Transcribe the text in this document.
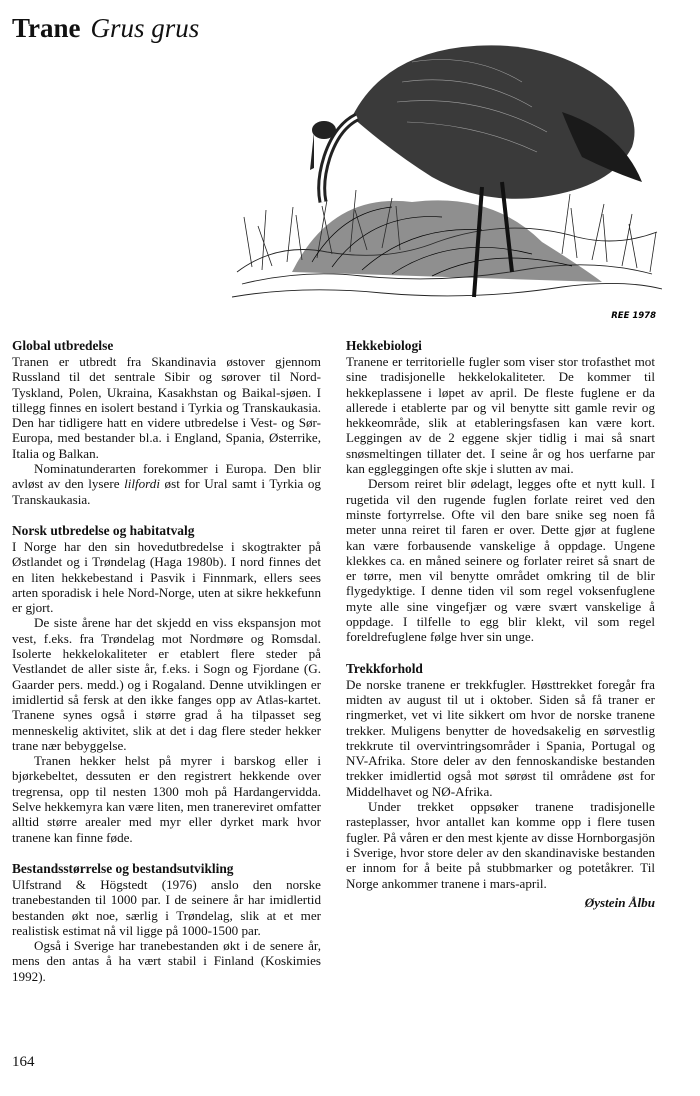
Trane Grus grus
REE 1978
Global utbredelse

Tranen er utbredt fra Skandinavia østover gjennom Russland til det sentrale Sibir og sørover til Nord-Tyskland, Polen, Ukraina, Kasakhstan og Baikal-sjøen. I tillegg finnes en isolert bestand i Tyrkia og Transkaukasia. Den har tidligere hatt en videre utbredelse i Vest- og Sør-Europa, med bestander bl.a. i England, Spania, Østerrike, Italia og Balkan.

Nominatunderarten forekommer i Europa. Den blir avløst av den lysere lilfordi øst for Ural samt i Tyrkia og Transkaukasia.

Norsk utbredelse og habitatvalg

I Norge har den sin hovedutbredelse i skogtrakter på Østlandet og i Trøndelag (Haga 1980b). I nord finnes det en liten hekkebestand i Pasvik i Finnmark, ellers sees arten sporadisk i hele Nord-Norge, uten at sikre hekkefunn er gjort.

De siste årene har det skjedd en viss ekspansjon mot vest, f.eks. fra Trøndelag mot Nordmøre og Romsdal. Isolerte hekkelokaliteter er etablert flere steder på Vestlandet de aller siste år, f.eks. i Sogn og Fjordane (G. Gaarder pers. medd.) og i Rogaland. Denne utviklingen er imidlertid så fersk at den ikke fanges opp av Atlas-kartet. Tranene synes også i større grad å ha tilpasset seg menneskelig aktivitet, slik at det i dag flere steder hekker trane nær bebyggelse.

Tranen hekker helst på myrer i barskog eller i bjørkebeltet, dessuten er den registrert hekkende over tregrensa, opp til nesten 1300 moh på Hardangervidda. Selve hekkemyra kan være liten, men tranereviret omfatter alltid større arealer med myr eller dyrket mark hvor tranene kan finne føde.

Bestandsstørrelse og bestandsutvikling

Ulfstrand & Högstedt (1976) anslo den norske tranebestanden til 1000 par. I de seinere år har imidlertid bestanden økt noe, særlig i Trøndelag, slik at et mer realistisk estimat nå vil ligge på 1000-1500 par.

Også i Sverige har tranebestanden økt i de senere år, mens den antas å ha vært stabil i Finland (Koskimies 1992).

Hekkebiologi

Tranene er territorielle fugler som viser stor trofasthet mot sine tradisjonelle hekkelokaliteter. De kommer til hekkeplassene i løpet av april. De fleste fuglene er da allerede i etablerte par og vil benytte sitt gamle revir og hekkeområde, slik at etableringsfasen kan være kort. Leggingen av de 2 eggene skjer tidlig i mai så snart snøsmeltingen tillater det. I seine år og hos uerfarne par kan eggleggingen ofte skje i slutten av mai.

Dersom reiret blir ødelagt, legges ofte et nytt kull. I rugetida vil den rugende fuglen forlate reiret ved den minste fortyrrelse. Ofte vil den bare snike seg noen få meter unna reiret til faren er over. Dette gjør at fuglene kan være forbausende vanskelige å oppdage. Ungene klekkes ca. en måned seinere og forlater reiret så snart de er tørre, men vil benytte området omkring til de blir flygedyktige. I denne tiden vil som regel voksenfuglene myte alle sine vingefjær og være svært vanskelige å oppdage. I tilfelle to egg blir klekt, vil som regel foreldrefuglene følge hver sin unge.

Trekkforhold

De norske tranene er trekkfugler. Høsttrekket foregår fra midten av august til ut i oktober. Siden så få traner er ringmerket, vet vi lite sikkert om hvor de norske tranene trekker. Muligens benytter de hovedsakelig en sørvestlig trekkrute til overvintringsområder i Spania, Portugal og NV-Afrika. Store deler av den fennoskandiske bestanden trekker imidlertid også mot sørøst til områdene øst for Middelhavet og NØ-Afrika.

Under trekket oppsøker tranene tradisjonelle rasteplasser, hvor antallet kan komme opp i flere tusen fugler. På våren er den mest kjente av disse Hornborgasjön i Sverige, hvor store deler av den skandinaviske bestanden er innom for å beite på stubbmarker og potetåkrer. Til Norge ankommer tranene i mars-april.

Øystein Ålbu
164
